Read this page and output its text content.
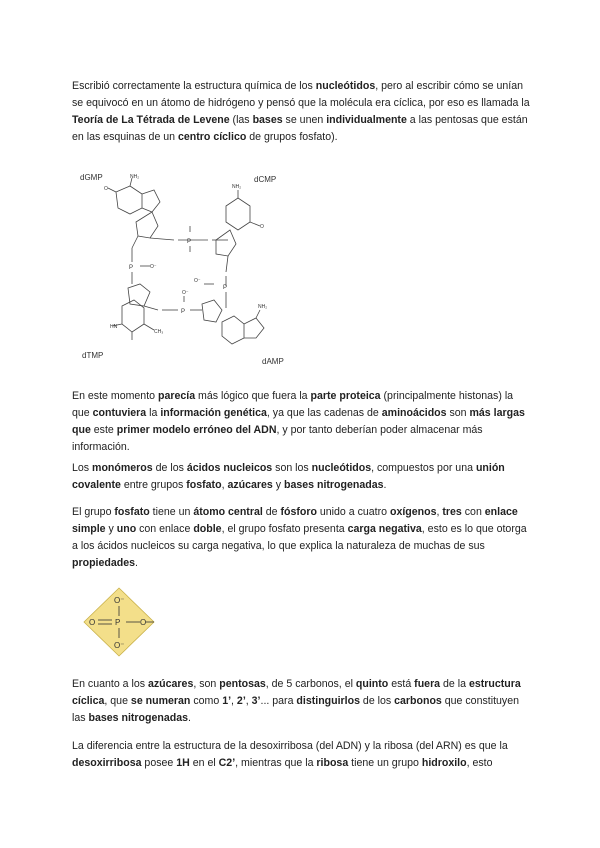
Escribió correctamente la estructura química de los nucleótidos, pero al escribir cómo se unían se equivocó en un átomo de hidrógeno y pensó que la molécula era cíclica, por eso es llamada la Teoría de La Tétrada de Levene (las bases se unen individualmente a las pentosas que están en las esquinas de un centro cíclico de grupos fosfato).

dGMP	dCMP
dTMP
dAMP
NH₂
NH₂
NH₂
P
P
P
P
O⁻
O⁻
O⁻
HN
CH₃
O
O

En este momento parecía más lógico que fuera la parte proteica (principalmente histonas) la que contuviera la información genética, ya que las cadenas de aminoácidos son más largas que este primer modelo erróneo del ADN, y por tanto deberían poder almacenar más información.

Los monómeros de los ácidos nucleicos son los nucleótidos, compuestos por una unión covalente entre grupos fosfato, azúcares y bases nitrogenadas.

El grupo fosfato tiene un átomo central de fósforo unido a cuatro oxígenos, tres con enlace simple y uno con enlace doble, el grupo fosfato presenta carga negativa, esto es lo que otorga a los ácidos nucleicos su carga negativa, lo que explica la naturaleza de muchas de sus propiedades.

O⁻
P
O	O
O⁻

En cuanto a los azúcares, son pentosas, de 5 carbonos, el quinto está fuera de la estructura cíclica, que se numeran como 1’, 2’, 3’... para distinguirlos de los carbonos que constituyen las bases nitrogenadas.

La diferencia entre la estructura de la desoxirribosa (del ADN) y la ribosa (del ARN) es que la desoxirribosa posee 1H en el C2’, mientras que la ribosa tiene un grupo hidroxilo, esto
